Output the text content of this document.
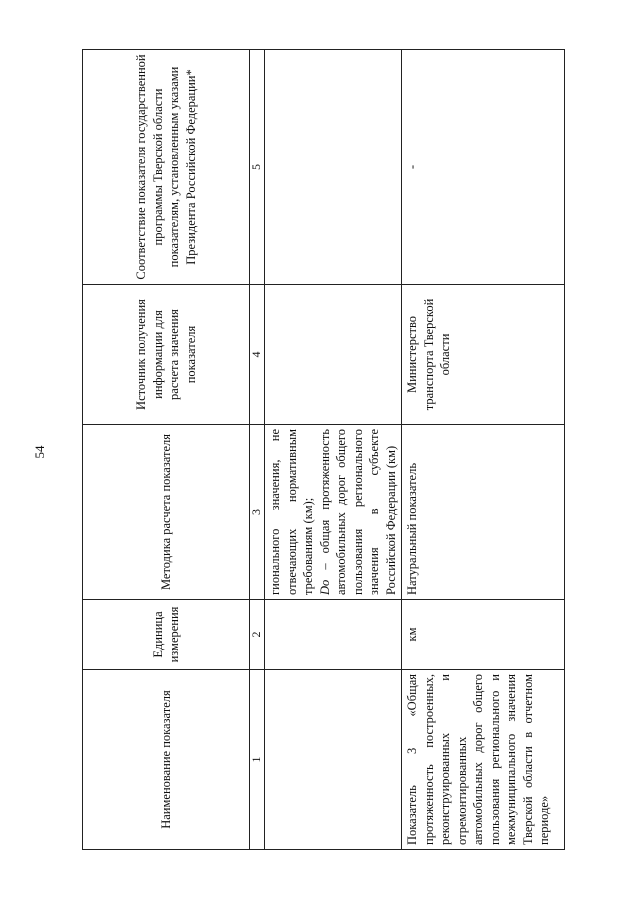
54
Наименование показателя	Единица измерения	Методика расчета показателя	Источник получения информации для расчета значения показателя	Соответствие показателя государственной программы Тверской области показателям, установленным указами Президента Российской Федерации*
1	2	3	4	5
		гионального значения, не отвечающих нормативным требованиям (км); Do – общая протяженность автомобильных дорог общего пользования регионального значения в субъекте Российской Федерации (км)		
Показатель 3 «Общая протяженность построенных, реконструированных и отремонтированных автомобильных дорог общего пользования регионального и межмуниципального значения Тверской области в отчетном периоде»	км	Натуральный показатель	Министерство транспорта Тверской области	-
